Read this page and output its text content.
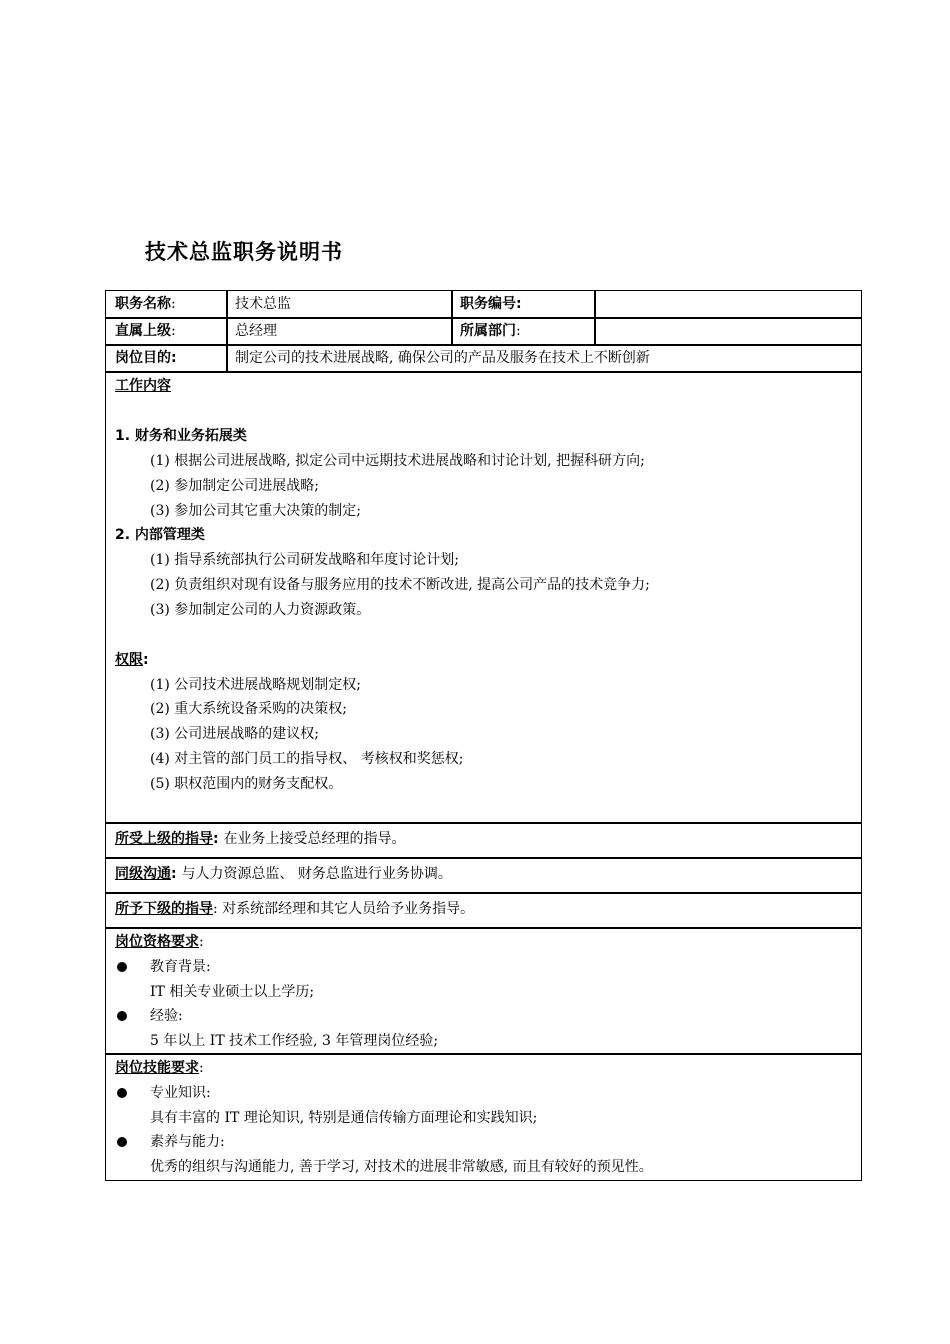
技术总监职务说明书
职务名称:	技术总监	职务编号:
直属上级:	总经理	所属部门:
岗位目的:	制定公司的技术进展战略, 确保公司的产品及服务在技术上不断创新
工作内容
1. 财务和业务拓展类
(1) 根据公司进展战略, 拟定公司中远期技术进展战略和讨论计划, 把握科研方向;
(2) 参加制定公司进展战略;
(3) 参加公司其它重大决策的制定;
2. 内部管理类
(1) 指导系统部执行公司研发战略和年度讨论计划;
(2) 负责组织对现有设备与服务应用的技术不断改进, 提高公司产品的技术竞争力;
(3) 参加制定公司的人力资源政策。
权限:
(1) 公司技术进展战略规划制定权;
(2) 重大系统设备采购的决策权;
(3) 公司进展战略的建议权;
(4) 对主管的部门员工的指导权、 考核权和奖惩权;
(5) 职权范围内的财务支配权。
所受上级的指导: 在业务上接受总经理的指导。
同级沟通: 与人力资源总监、 财务总监进行业务协调。
所予下级的指导: 对系统部经理和其它人员给予业务指导。
岗位资格要求:
教育背景:
IT 相关专业硕士以上学历;
经验:
5 年以上 IT 技术工作经验, 3 年管理岗位经验;
岗位技能要求:
专业知识:
具有丰富的 IT 理论知识, 特别是通信传输方面理论和实践知识;
素养与能力:
优秀的组织与沟通能力, 善于学习, 对技术的进展非常敏感, 而且有较好的预见性。
